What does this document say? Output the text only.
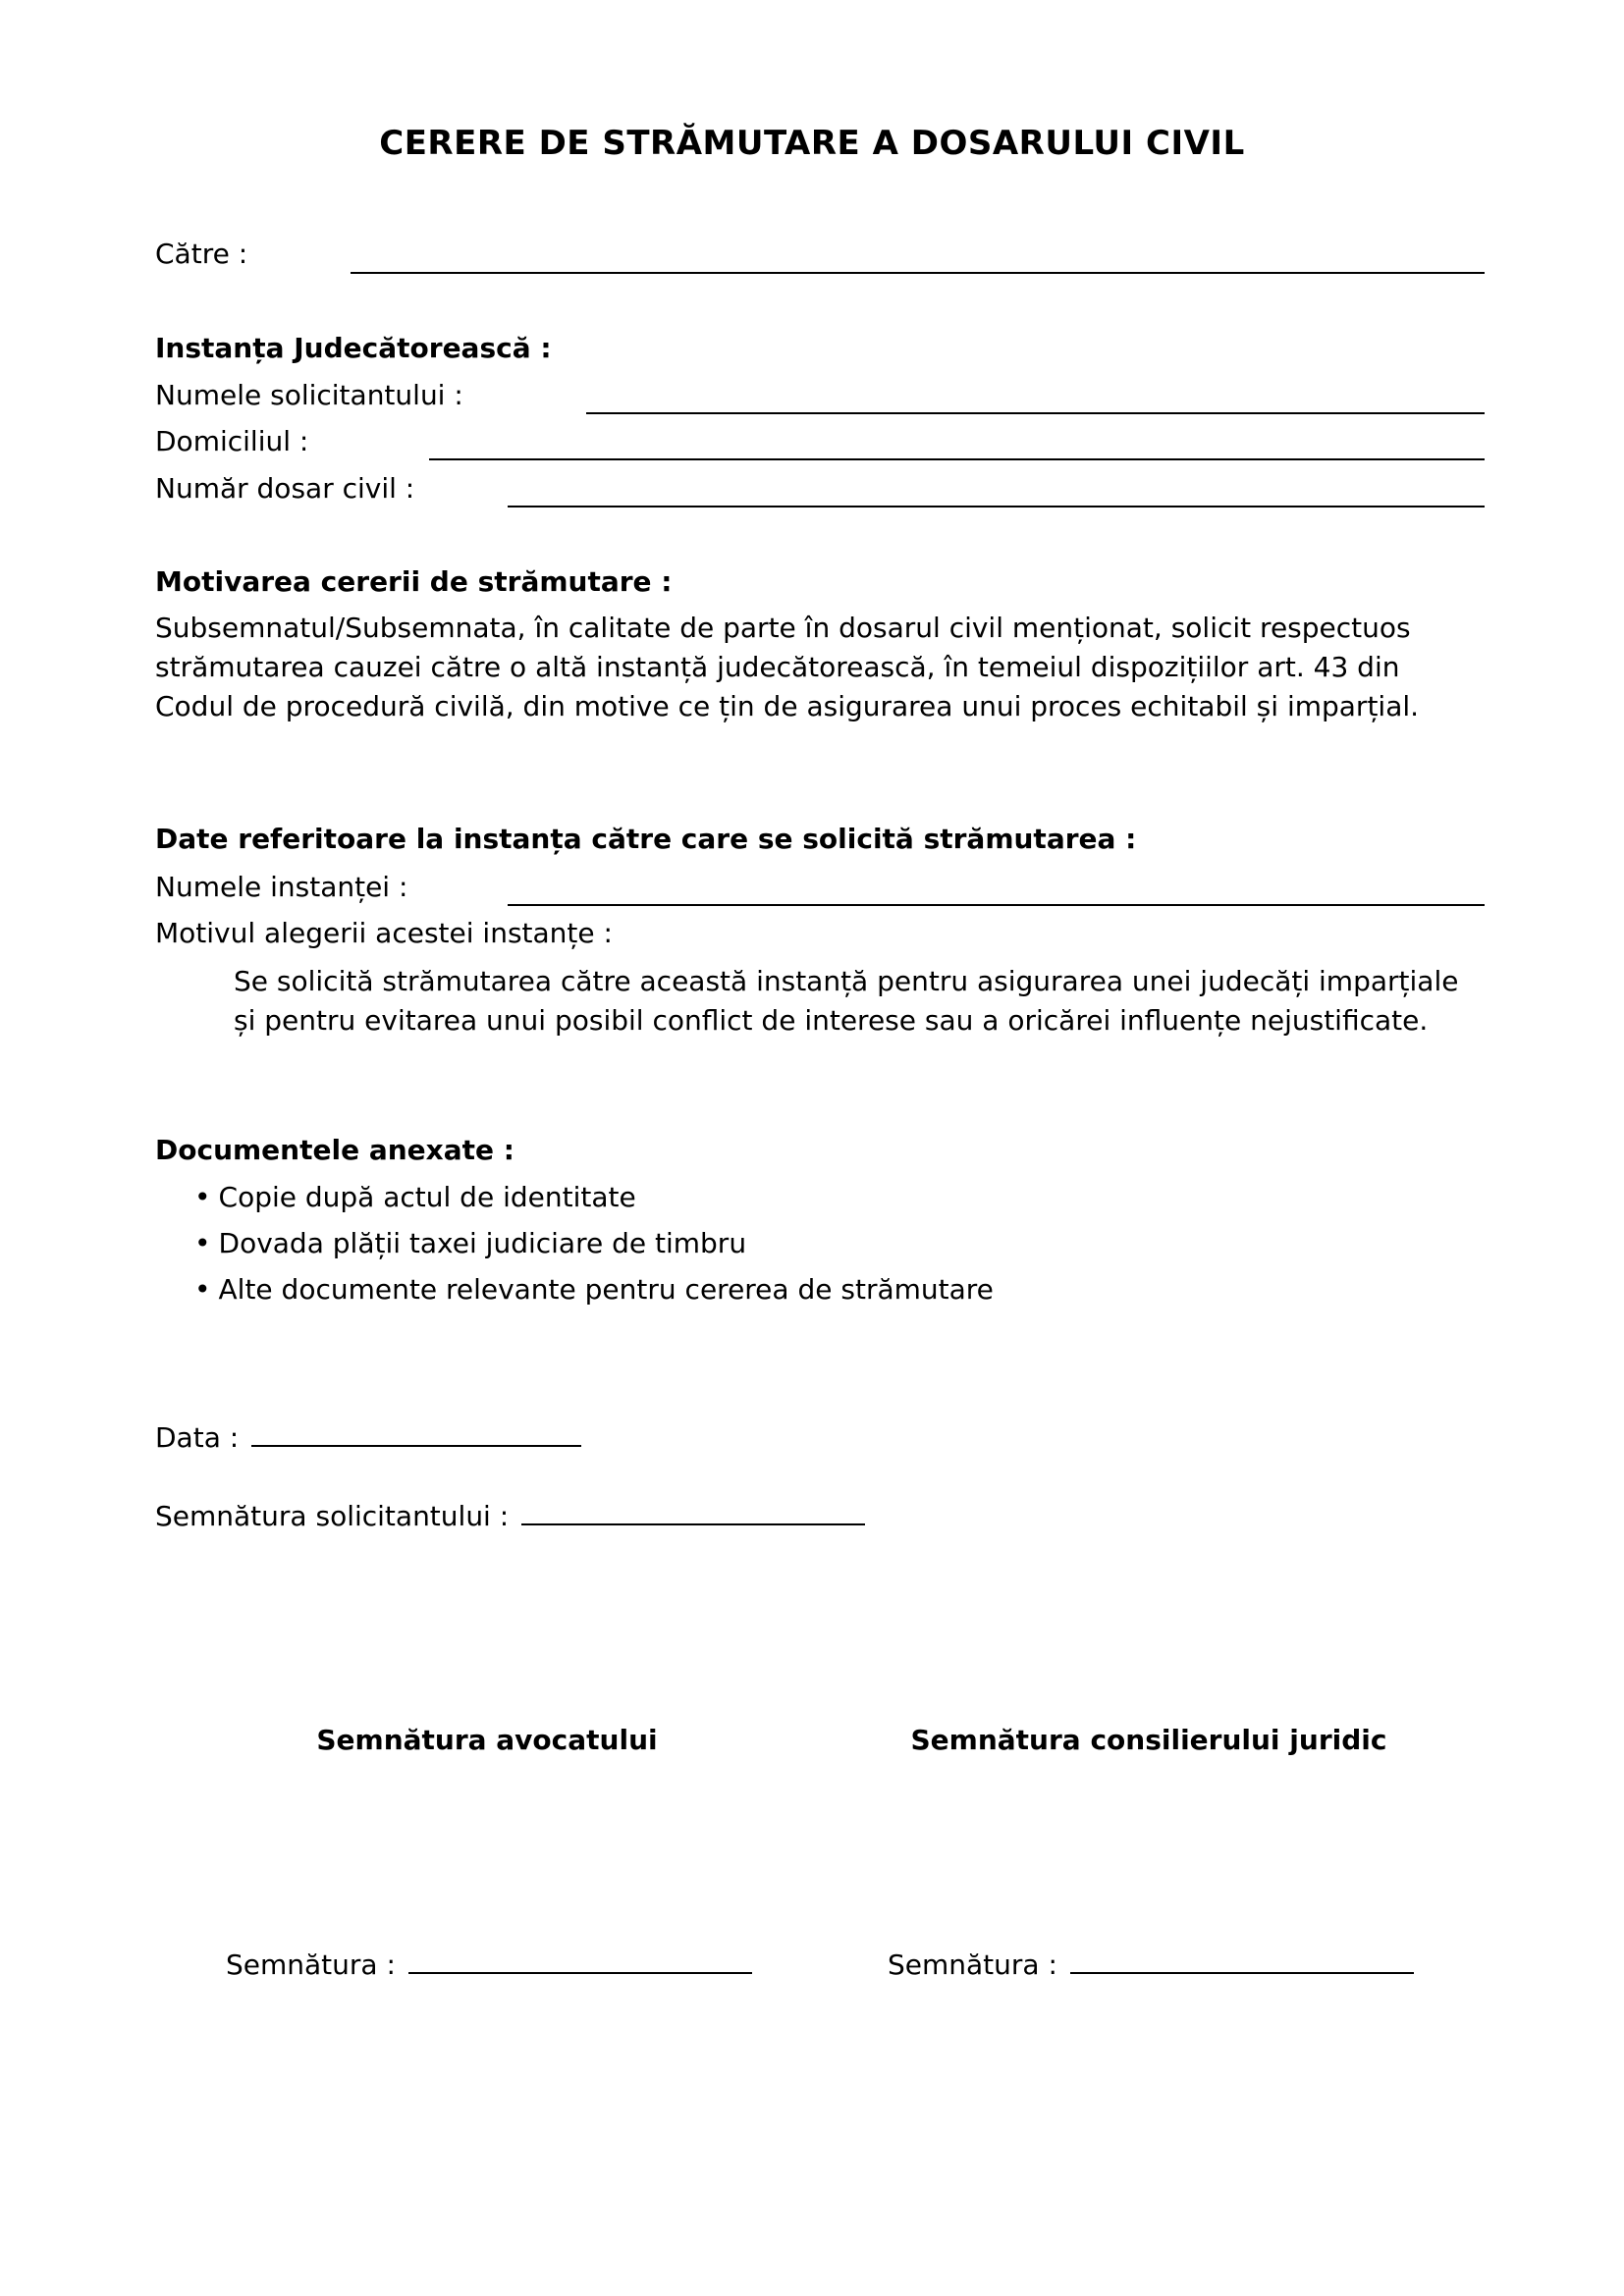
CERERE DE STRĂMUTARE A DOSARULUI CIVIL
Către :
Instanța Judecătorească :
Numele solicitantului :
Domiciliul :
Număr dosar civil :
Motivarea cererii de strămutare :
Subsemnatul/Subsemnata, în calitate de parte în dosarul civil menționat, solicit respectuos strămutarea cauzei către o altă instanță judecătorească, în temeiul dispozițiilor art. 43 din Codul de procedură civilă, din motive ce țin de asigurarea unui proces echitabil și imparțial.
Date referitoare la instanța către care se solicită strămutarea :
Numele instanței :
Motivul alegerii acestei instanțe :
Se solicită strămutarea către această instanță pentru asigurarea unei judecăți imparțiale și pentru evitarea unui posibil conflict de interese sau a oricărei influențe nejustificate.
Documentele anexate :
• Copie după actul de identitate
• Dovada plății taxei judiciare de timbru
• Alte documente relevante pentru cererea de strămutare
Data :
Semnătura solicitantului :
Semnătura avocatului	Semnătura consilierului juridic
Semnătura :	Semnătura :
